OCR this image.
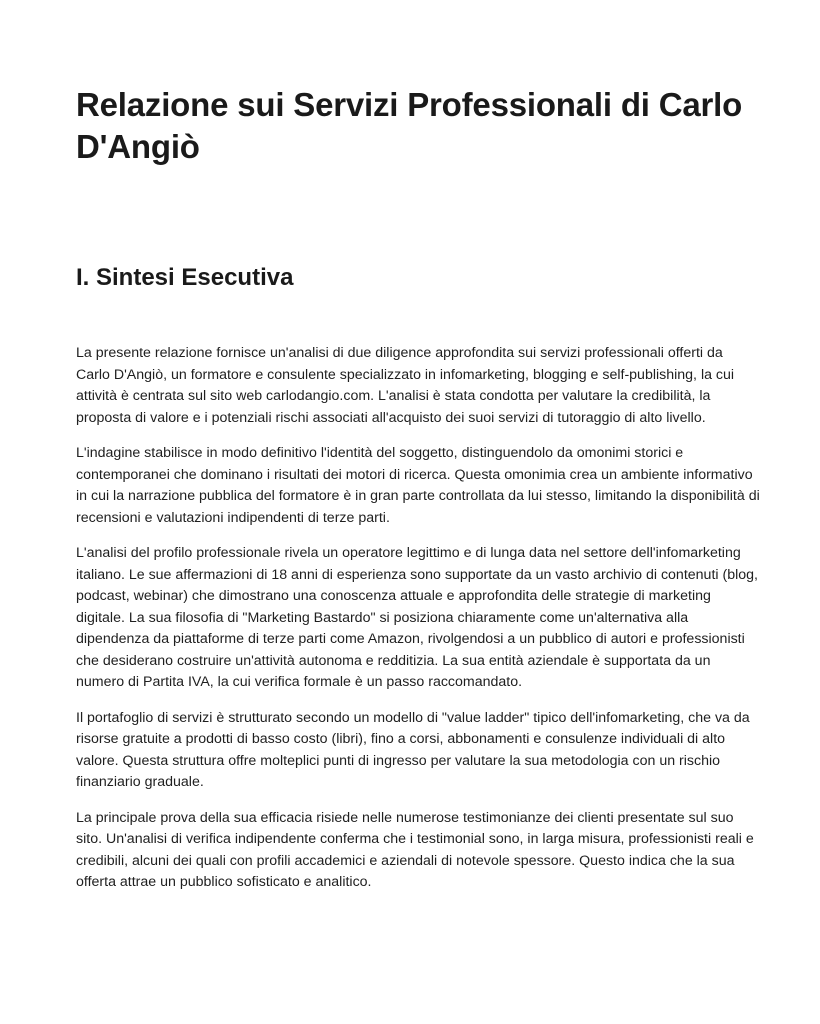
Relazione sui Servizi Professionali di Carlo D'Angiò
I. Sintesi Esecutiva

La presente relazione fornisce un'analisi di due diligence approfondita sui servizi professionali offerti da Carlo D'Angiò, un formatore e consulente specializzato in infomarketing, blogging e self-publishing, la cui attività è centrata sul sito web carlodangio.com. L'analisi è stata condotta per valutare la credibilità, la proposta di valore e i potenziali rischi associati all'acquisto dei suoi servizi di tutoraggio di alto livello.

L'indagine stabilisce in modo definitivo l'identità del soggetto, distinguendolo da omonimi storici e contemporanei che dominano i risultati dei motori di ricerca. Questa omonimia crea un ambiente informativo in cui la narrazione pubblica del formatore è in gran parte controllata da lui stesso, limitando la disponibilità di recensioni e valutazioni indipendenti di terze parti.

L'analisi del profilo professionale rivela un operatore legittimo e di lunga data nel settore dell'infomarketing italiano. Le sue affermazioni di 18 anni di esperienza sono supportate da un vasto archivio di contenuti (blog, podcast, webinar) che dimostrano una conoscenza attuale e approfondita delle strategie di marketing digitale. La sua filosofia di "Marketing Bastardo" si posiziona chiaramente come un'alternativa alla dipendenza da piattaforme di terze parti come Amazon, rivolgendosi a un pubblico di autori e professionisti che desiderano costruire un'attività autonoma e redditizia. La sua entità aziendale è supportata da un numero di Partita IVA, la cui verifica formale è un passo raccomandato.

Il portafoglio di servizi è strutturato secondo un modello di "value ladder" tipico dell'infomarketing, che va da risorse gratuite a prodotti di basso costo (libri), fino a corsi, abbonamenti e consulenze individuali di alto valore. Questa struttura offre molteplici punti di ingresso per valutare la sua metodologia con un rischio finanziario graduale.

La principale prova della sua efficacia risiede nelle numerose testimonianze dei clienti presentate sul suo sito. Un'analisi di verifica indipendente conferma che i testimonial sono, in larga misura, professionisti reali e credibili, alcuni dei quali con profili accademici e aziendali di notevole spessore. Questo indica che la sua offerta attrae un pubblico sofisticato e analitico.
